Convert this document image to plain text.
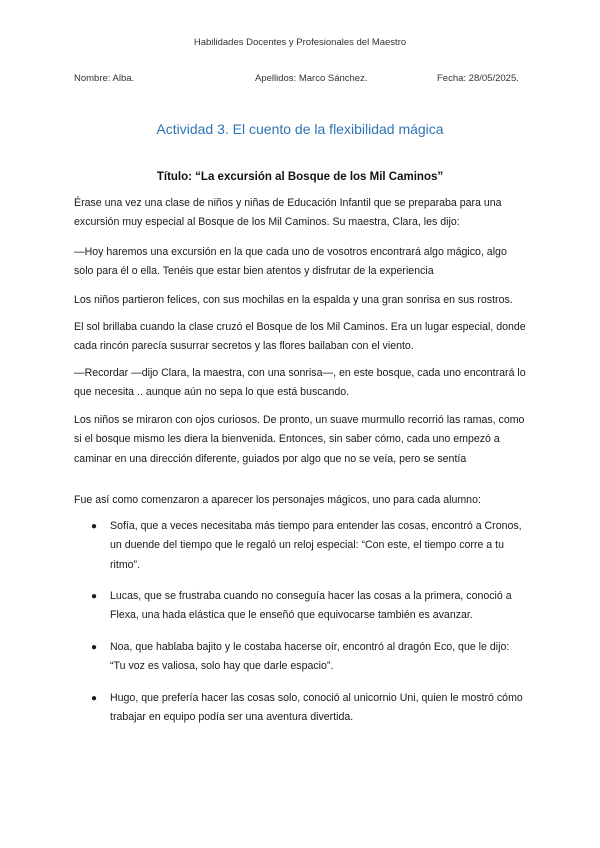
Habilidades Docentes y Profesionales del Maestro
Nombre: Alba.	Apellidos: Marco Sánchez.	Fecha: 28/05/2025.
Actividad 3. El cuento de la flexibilidad mágica
Título: “La excursión al Bosque de los Mil Caminos”

Érase una vez una clase de niños y niñas de Educación Infantil que se preparaba para una excursión muy especial al Bosque de los Mil Caminos. Su maestra, Clara, les dijo:

—Hoy haremos una excursión en la que cada uno de vosotros encontrará algo mágico, algo solo para él o ella. Tenéis que estar bien atentos y disfrutar de la experiencia

Los niños partieron felices, con sus mochilas en la espalda y una gran sonrisa en sus rostros.

El sol brillaba cuando la clase cruzó el Bosque de los Mil Caminos. Era un lugar especial, donde cada rincón parecía susurrar secretos y las flores bailaban con el viento.

—Recordar —dijo Clara, la maestra, con una sonrisa—, en este bosque, cada uno encontrará lo que necesita .. aunque aún no sepa lo que está buscando.

Los niños se miraron con ojos curiosos. De pronto, un suave murmullo recorrió las ramas, como si el bosque mismo les diera la bienvenida. Entonces, sin saber cómo, cada uno empezó a caminar en una dirección diferente, guiados por algo que no se veía, pero se sentía

Fue así como comenzaron a aparecer los personajes mágicos, uno para cada alumno:

● Sofía, que a veces necesitaba más tiempo para entender las cosas, encontró a Cronos, un duende del tiempo que le regaló un reloj especial: “Con este, el tiempo corre a tu ritmo”.
● Lucas, que se frustraba cuando no conseguía hacer las cosas a la primera, conoció a Flexa, una hada elástica que le enseñó que equivocarse también es avanzar.
● Noa, que hablaba bajito y le costaba hacerse oír, encontró al dragón Eco, que le dijo: “Tu voz es valiosa, solo hay que darle espacio”.
● Hugo, que prefería hacer las cosas solo, conoció al unicornio Uni, quien le mostró cómo trabajar en equipo podía ser una aventura divertida.
